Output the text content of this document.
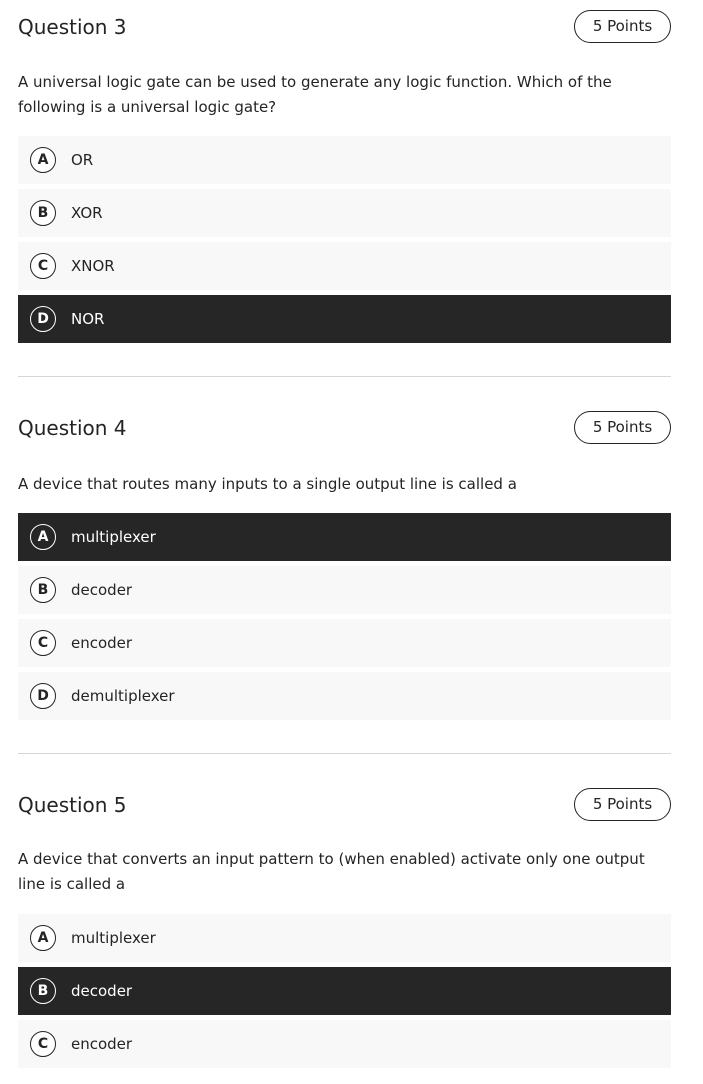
Question 3	5 Points
A universal logic gate can be used to generate any logic function. Which of the following is a universal logic gate?
A	OR
B	XOR
C	XNOR
D	NOR
Question 4	5 Points
A device that routes many inputs to a single output line is called a
A	multiplexer
B	decoder
C	encoder
D	demultiplexer
Question 5	5 Points
A device that converts an input pattern to (when enabled) activate only one output line is called a
A	multiplexer
B	decoder
C	encoder
